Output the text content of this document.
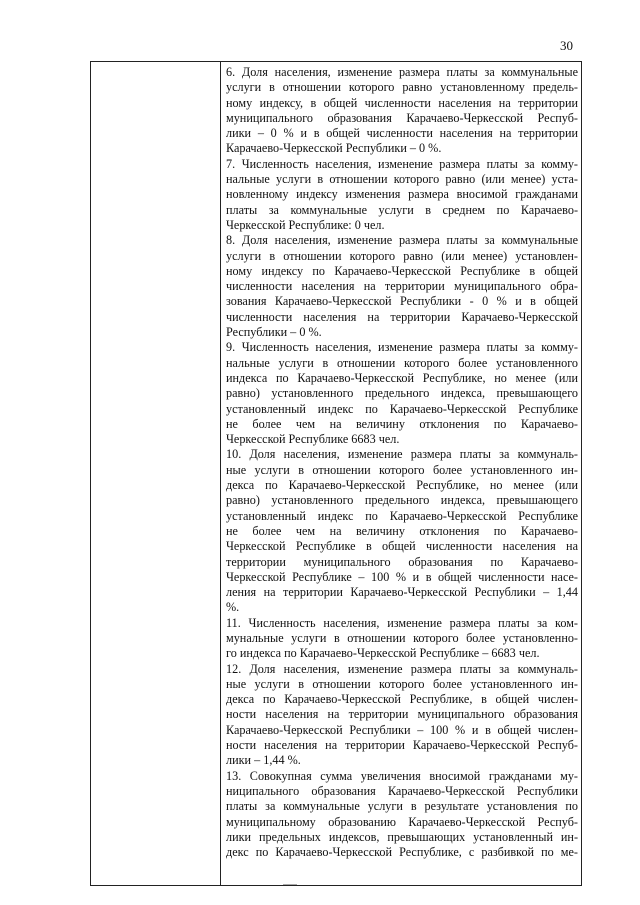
30
6. Доля населения, изменение размера платы за коммунальные
услуги в отношении которого равно установленному предель-
ному индексу, в общей численности населения на территории
муниципального образования Карачаево-Черкесской Респуб-
лики – 0 % и в общей численности населения на территории
Карачаево-Черкесской Республики – 0 %.
7. Численность населения, изменение размера платы за комму-
нальные услуги в отношении которого равно (или менее) уста-
новленному индексу изменения размера вносимой гражданами
платы за коммунальные услуги в среднем по Карачаево-
Черкесской Республике: 0 чел.
8. Доля населения, изменение размера платы за коммунальные
услуги в отношении которого равно (или менее) установлен-
ному индексу по Карачаево-Черкесской Республике в общей
численности населения на территории муниципального обра-
зования Карачаево-Черкесской Республики - 0 % и в общей
численности населения на территории Карачаево-Черкесской
Республики – 0 %.
9. Численность населения, изменение размера платы за комму-
нальные услуги в отношении которого более установленного
индекса по Карачаево-Черкесской Республике, но менее (или
равно) установленного предельного индекса, превышающего
установленный индекс по Карачаево-Черкесской Республике
не более чем на величину отклонения по Карачаево-
Черкесской Республике 6683 чел.
10. Доля населения, изменение размера платы за коммуналь-
ные услуги в отношении которого более установленного ин-
декса по Карачаево-Черкесской Республике, но менее (или
равно) установленного предельного индекса, превышающего
установленный индекс по Карачаево-Черкесской Республике
не более чем на величину отклонения по Карачаево-
Черкесской Республике в общей численности населения на
территории муниципального образования по Карачаево-
Черкесской Республике – 100 % и в общей численности насе-
ления на территории Карачаево-Черкесской Республики – 1,44
%.
11. Численность населения, изменение размера платы за ком-
мунальные услуги в отношении которого более установленно-
го индекса по Карачаево-Черкесской Республике – 6683 чел.
12. Доля населения, изменение размера платы за коммуналь-
ные услуги в отношении которого более установленного ин-
декса по Карачаево-Черкесской Республике, в общей числен-
ности населения на территории муниципального образования
Карачаево-Черкесской Республики – 100 % и в общей числен-
ности населения на территории Карачаево-Черкесской Респуб-
лики – 1,44 %.
13. Совокупная сумма увеличения вносимой гражданами му-
ниципального образования Карачаево-Черкесской Республики
платы за коммунальные услуги в результате установления по
муниципальному образованию Карачаево-Черкесской Респуб-
лики предельных индексов, превышающих установленный ин-
декс по Карачаево-Черкесской Республике, с разбивкой по ме-
